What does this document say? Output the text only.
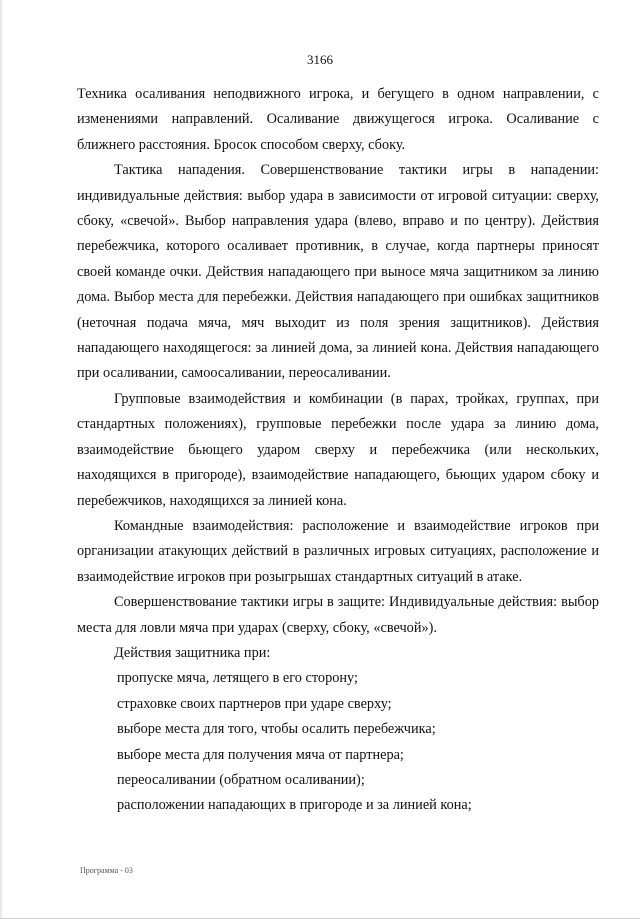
3166

Техника осаливания неподвижного игрока, и бегущего в одном направлении, с изменениями направлений. Осаливание движущегося игрока. Осаливание с ближнего расстояния. Бросок способом сверху, сбоку.

Тактика нападения. Совершенствование тактики игры в нападении: индивидуальные действия: выбор удара в зависимости от игровой ситуации: сверху, сбоку, «свечой». Выбор направления удара (влево, вправо и по центру). Действия перебежчика, которого осаливает противник, в случае, когда партнеры приносят своей команде очки. Действия нападающего при выносе мяча защитником за линию дома. Выбор места для перебежки. Действия нападающего при ошибках защитников (неточная подача мяча, мяч выходит из поля зрения защитников). Действия нападающего находящегося: за линией дома, за линией кона. Действия нападающего при осаливании, самоосаливании, переосаливании.

Групповые взаимодействия и комбинации (в парах, тройках, группах, при стандартных положениях), групповые перебежки после удара за линию дома, взаимодействие бьющего ударом сверху и перебежчика (или нескольких, находящихся в пригороде), взаимодействие нападающего, бьющих ударом сбоку и перебежчиков, находящихся за линией кона.

Командные взаимодействия: расположение и взаимодействие игроков при организации атакующих действий в различных игровых ситуациях, расположение и взаимодействие игроков при розыгрышах стандартных ситуаций в атаке.

Совершенствование тактики игры в защите: Индивидуальные действия: выбор места для ловли мяча при ударах (сверху, сбоку, «свечой»).

Действия защитника при:

пропуске мяча, летящего в его сторону;

страховке своих партнеров при ударе сверху;

выборе места для того, чтобы осалить перебежчика;

выборе места для получения мяча от партнера;

переосаливании (обратном осаливании);

расположении нападающих в пригороде и за линией кона;

Программа - 03
